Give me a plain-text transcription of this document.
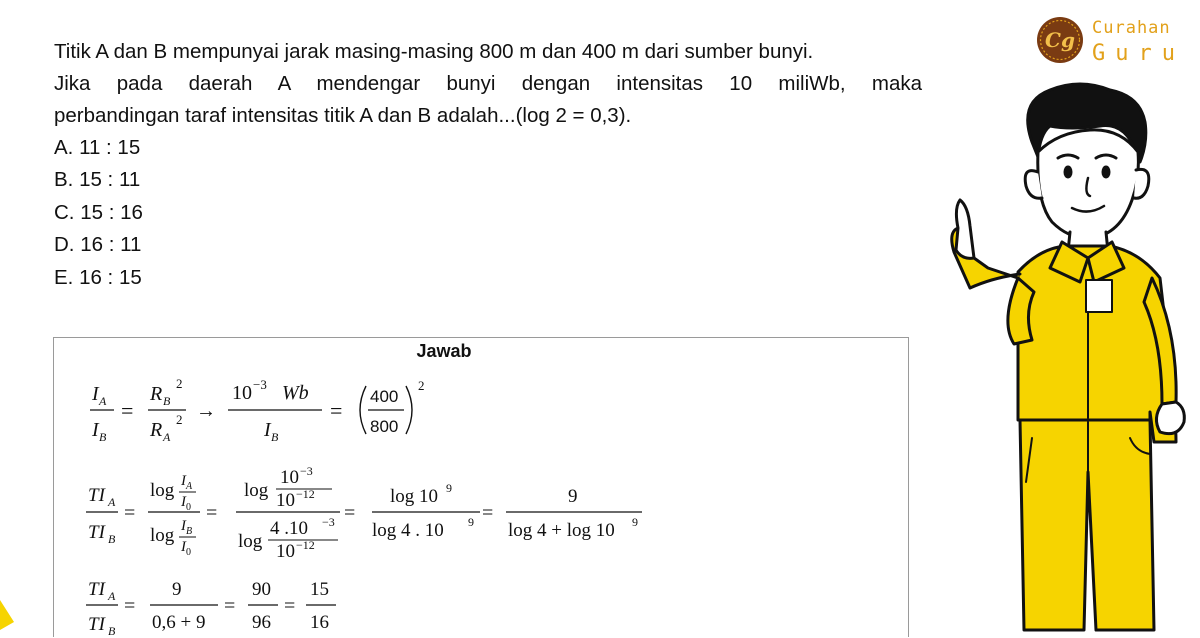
Titik A dan B mempunyai jarak masing-masing 800 m dan 400 m dari sumber bunyi.
Jika pada daerah A mendengar bunyi dengan intensitas 10 miliWb, maka
perbandingan taraf intensitas titik A dan B adalah...(log 2 = 0,3).
A. 11 : 15
B. 15 : 11
C. 15 : 16
D. 16 : 11
E. 16 : 15
Jawab
I A
I B
=
R B
2
R A
2 →
10 −3 Wb
I B
=
400
800
2
TI A
TI B
=
log I A
I 0
log I B
I 0
=
log
10 −3
10 −12
log
4 .10 −3
10 −12
=
log 10 9
log 4 . 10 9 =
9
log 4 + log 10 9
TI A
TI B
=
9
0,6 + 9
=
90
96
=
15
16
Cg Curahan
Guru
